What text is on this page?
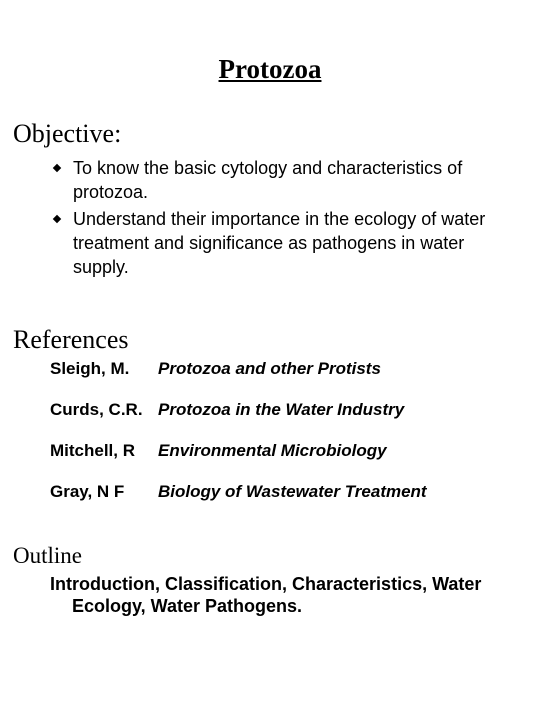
Protozoa
Objective:
To know the basic cytology and characteristics of protozoa.
Understand their importance in the ecology of water treatment and significance as pathogens in water supply.
References
Sleigh, M. Protozoa and other Protists
Curds, C.R. Protozoa in the Water Industry
Mitchell, R Environmental Microbiology
Gray, N F Biology of Wastewater Treatment
Outline
Introduction, Classification, Characteristics, Water Ecology, Water Pathogens.
